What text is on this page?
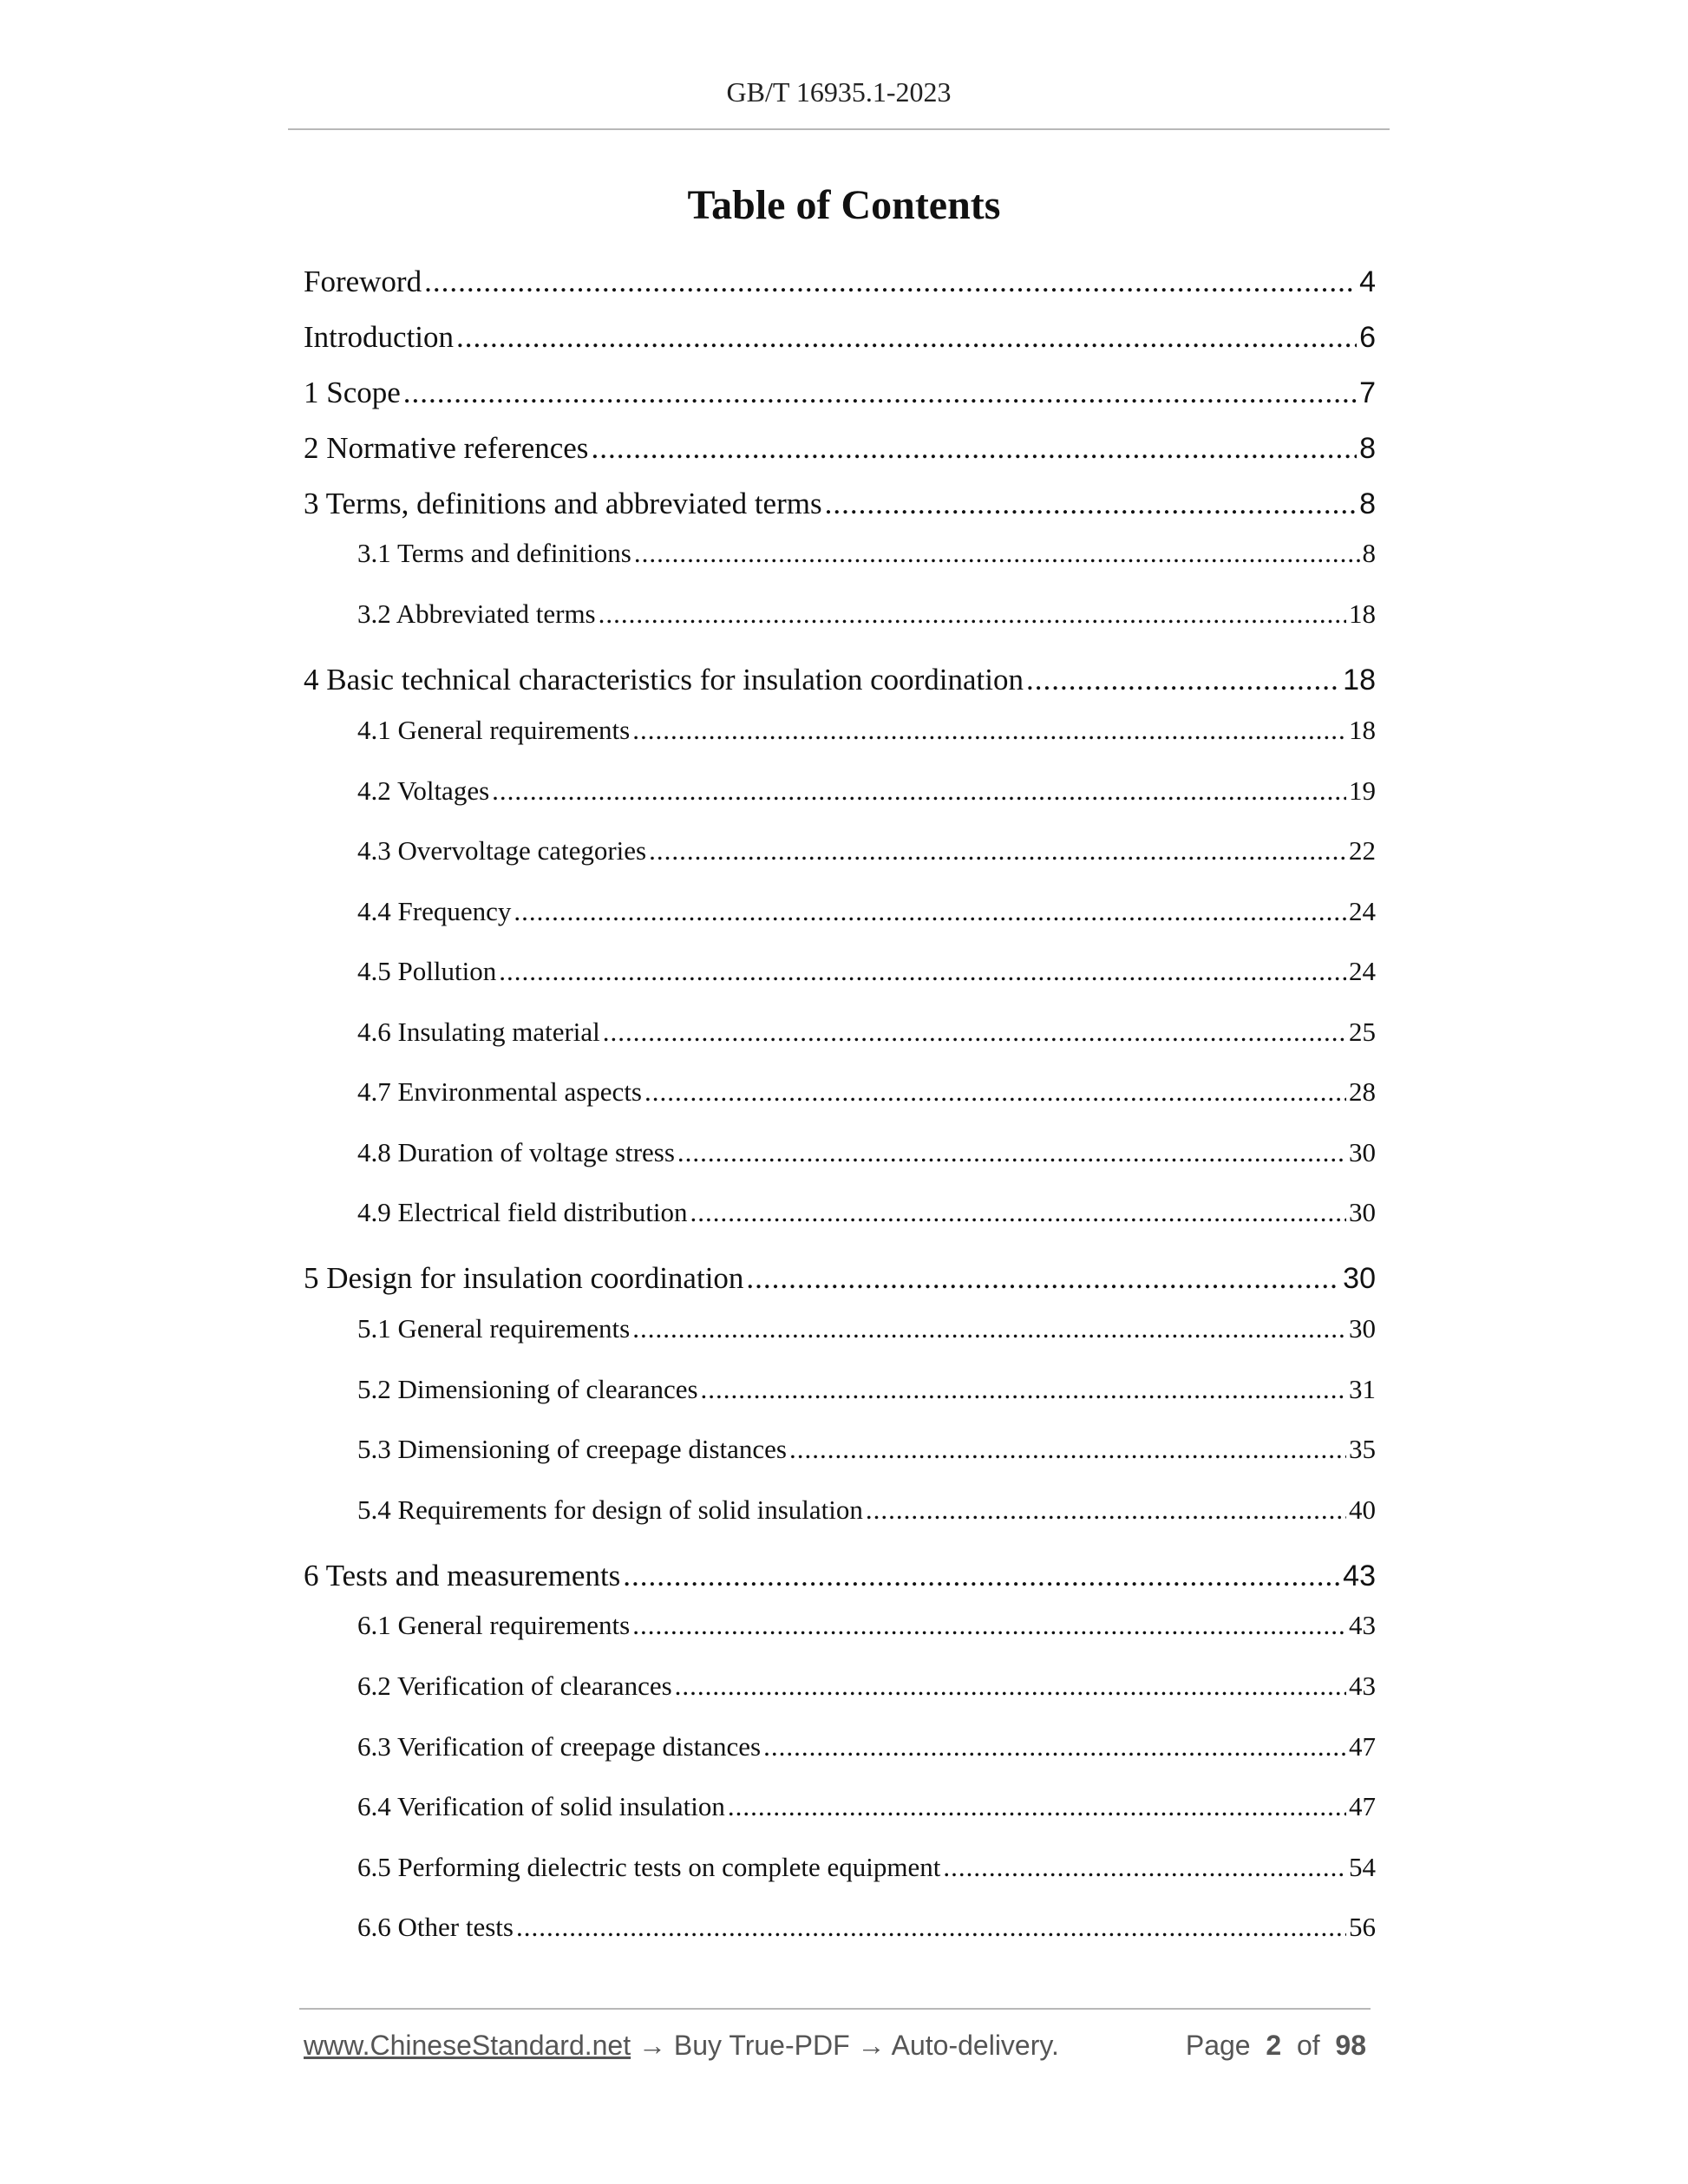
GB/T 16935.1-2023
Table of Contents
Foreword .....	4
Introduction .....	6
1 Scope .....	7
2 Normative references .....	8
3 Terms, definitions and abbreviated terms .....	8
3.1 Terms and definitions .....	8
3.2 Abbreviated terms .....	18
4 Basic technical characteristics for insulation coordination .....	18
4.1 General requirements .....	18
4.2 Voltages .....	19
4.3 Overvoltage categories .....	22
4.4 Frequency .....	24
4.5 Pollution .....	24
4.6 Insulating material .....	25
4.7 Environmental aspects .....	28
4.8 Duration of voltage stress .....	30
4.9 Electrical field distribution .....	30
5 Design for insulation coordination .....	30
5.1 General requirements .....	30
5.2 Dimensioning of clearances .....	31
5.3 Dimensioning of creepage distances .....	35
5.4 Requirements for design of solid insulation .....	40
6 Tests and measurements .....	43
6.1 General requirements .....	43
6.2 Verification of clearances .....	43
6.3 Verification of creepage distances .....	47
6.4 Verification of solid insulation .....	47
6.5 Performing dielectric tests on complete equipment .....	54
6.6 Other tests .....	56
www.ChineseStandard.net → Buy True-PDF → Auto-delivery.	Page 2 of 98
